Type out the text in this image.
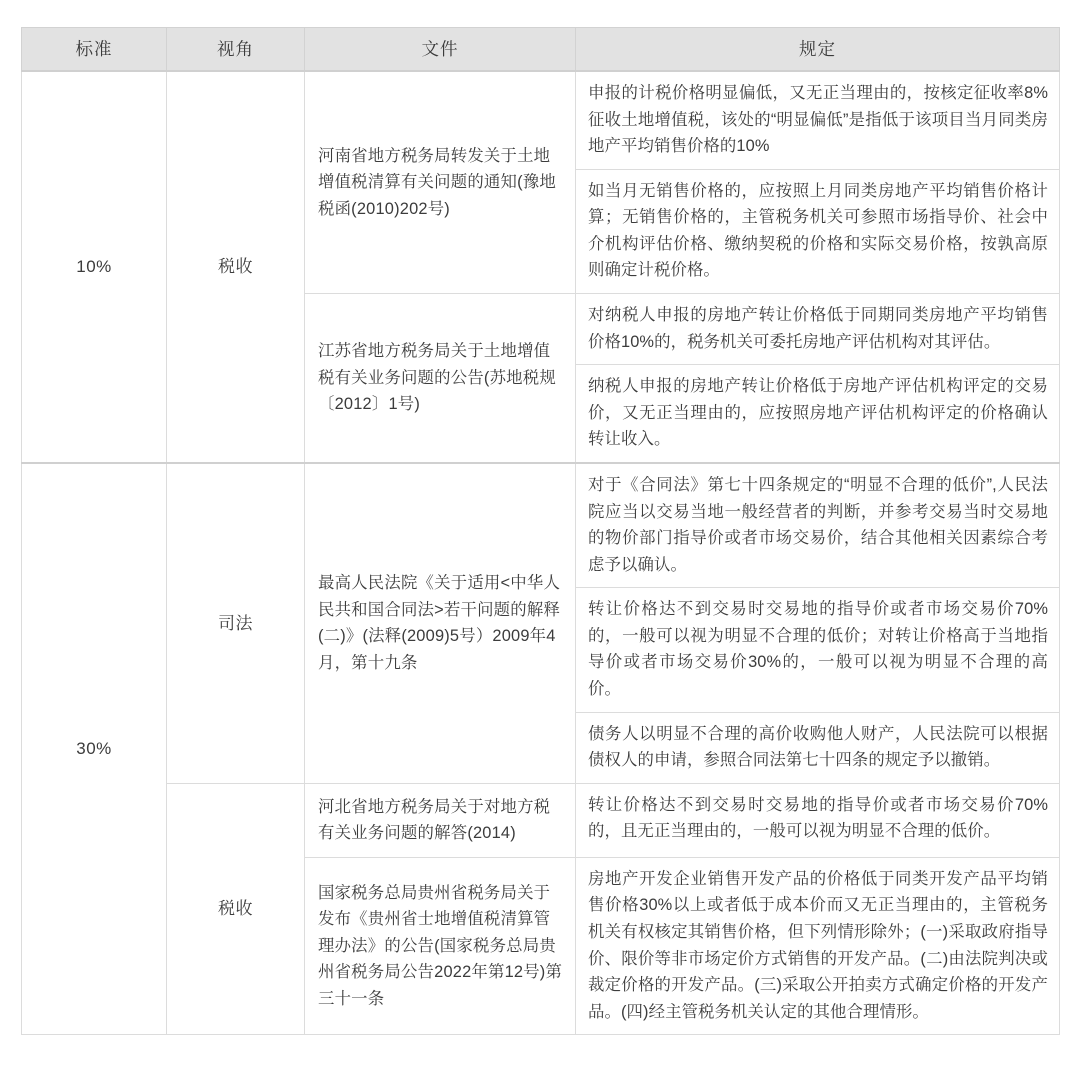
标准	视角	文件	规定
10%	税收	河南省地方税务局转发关于土地增值税清算有关问题的通知(豫地税函(2010)202号)	申报的计税价格明显偏低，又无正当理由的，按核定征收率8%征收土地增值税，该处的“明显偏低”是指低于该项目当月同类房地产平均销售价格的10%

			如当月无销售价格的，应按照上月同类房地产平均销售价格计算；无销售价格的，主管税务机关可参照市场指导价、社会中介机构评估价格、缴纳契税的价格和实际交易价格，按孰高原则确定计税价格。

		江苏省地方税务局关于土地增值税有关业务问题的公告(苏地税规〔2012〕1号)	对纳税人申报的房地产转让价格低于同期同类房地产平均销售价格10%的，税务机关可委托房地产评估机构对其评估。

			纳税人申报的房地产转让价格低于房地产评估机构评定的交易价，又无正当理由的，应按照房地产评估机构评定的价格确认转让收入。

30%	司法	最高人民法院《关于适用<中华人民共和国合同法>若干问题的解释(二)》(法释(2009)5号）2009年4月，第十九条	对于《合同法》第七十四条规定的“明显不合理的低价”,人民法院应当以交易当地一般经营者的判断，并参考交易当时交易地的物价部门指导价或者市场交易价，结合其他相关因素综合考虑予以确认。

			转让价格达不到交易时交易地的指导价或者市场交易价70%的，一般可以视为明显不合理的低价；对转让价格高于当地指导价或者市场交易价30%的，一般可以视为明显不合理的高价。

			债务人以明显不合理的高价收购他人财产，人民法院可以根据债权人的申请，参照合同法第七十四条的规定予以撤销。

	税收	河北省地方税务局关于对地方税有关业务问题的解答(2014)	转让价格达不到交易时交易地的指导价或者市场交易价70%的，且无正当理由的，一般可以视为明显不合理的低价。

		国家税务总局贵州省税务局关于发布《贵州省士地增值税清算管理办法》的公告(国家税务总局贵州省税务局公告2022年第12号)第三十一条	房地产开发企业销售开发产品的价格低于同类开发产品平均销售价格30%以上或者低于成本价而又无正当理由的，主管税务机关有权核定其销售价格，但下列情形除外；(一)采取政府指导价、限价等非市场定价方式销售的开发产品。(二)由法院判决或裁定价格的开发产品。(三)采取公开拍卖方式确定价格的开发产品。(四)经主管税务机关认定的其他合理情形。
